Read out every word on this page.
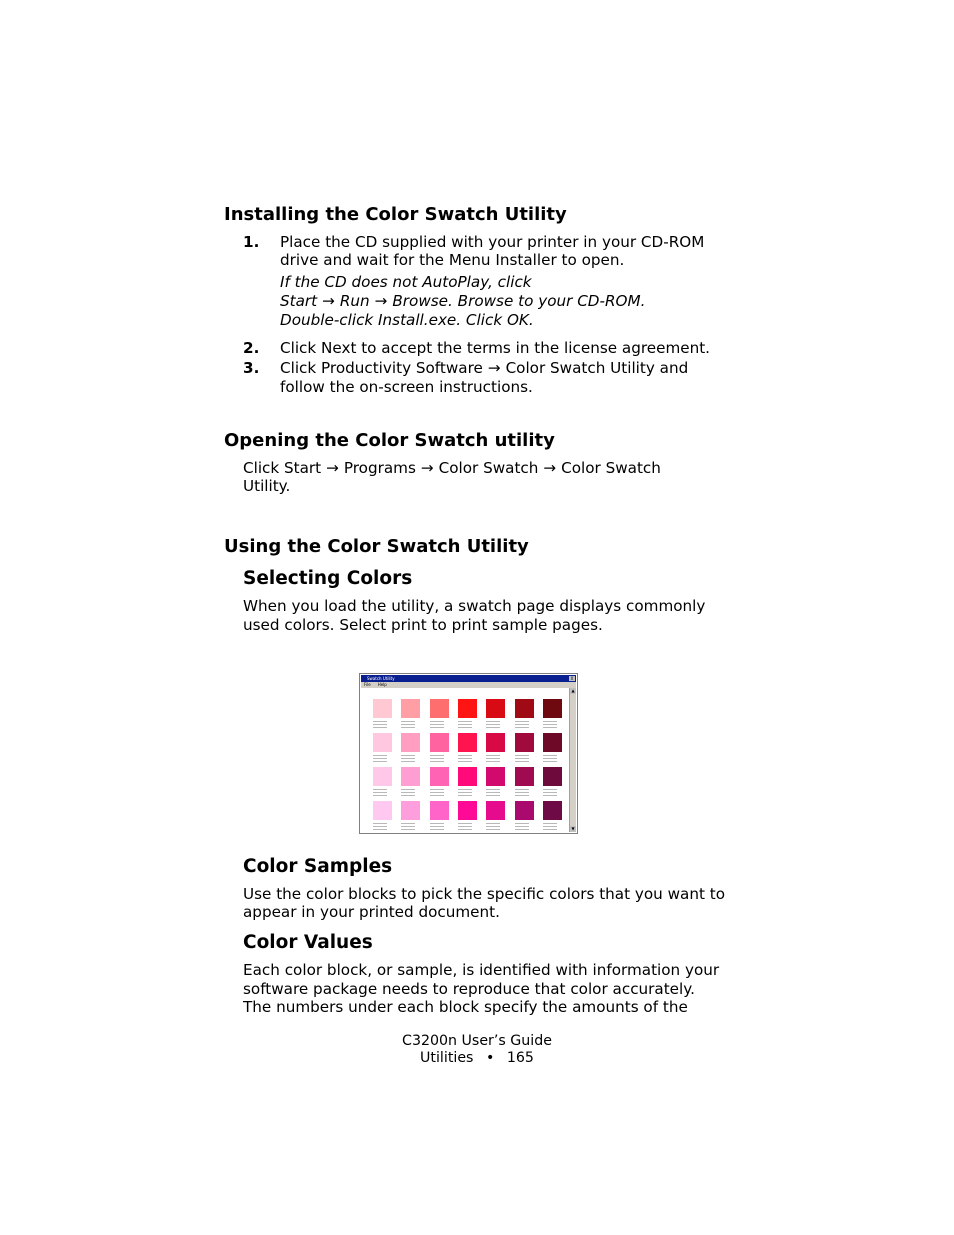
Installing the Color Swatch Utility
1. Place the CD supplied with your printer in your CD-ROM
drive and wait for the Menu Installer to open.
If the CD does not AutoPlay, click
Start → Run → Browse. Browse to your CD-ROM.
Double-click Install.exe. Click OK.
2. Click Next to accept the terms in the license agreement.
3. Click Productivity Software → Color Swatch Utility and
follow the on-screen instructions.
Opening the Color Swatch utility
Click Start → Programs → Color Swatch → Color Swatch
Utility.
Using the Color Swatch Utility
Selecting Colors
When you load the utility, a swatch page displays commonly
used colors. Select print to print sample pages.
Swatch Utility	X
File Help
▲
▼
Color Samples
Use the color blocks to pick the specific colors that you want to
appear in your printed document.
Color Values
Each color block, or sample, is identified with information your
software package needs to reproduce that color accurately.
The numbers under each block specify the amounts of the
C3200n User’s Guide
Utilities • 165
